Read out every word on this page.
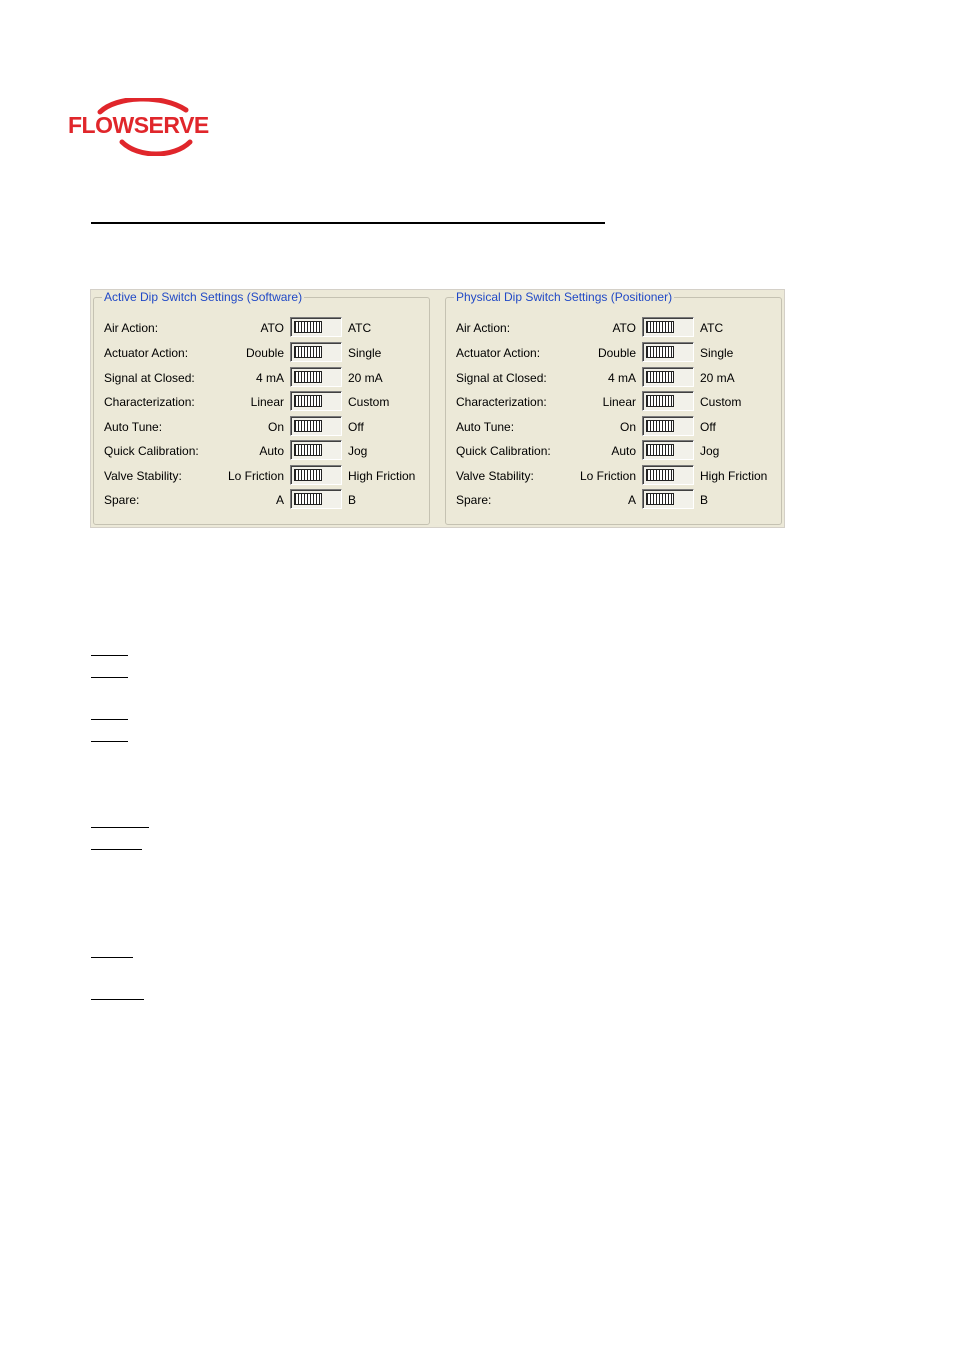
FLOWSERVE
Active Dip Switch Settings (Software)
Air Action:	ATO	ATC
Actuator Action:	Double	Single
Signal at Closed:	4 mA	20 mA
Characterization:	Linear	Custom
Auto Tune:	On	Off
Quick Calibration:	Auto	Jog
Valve Stability:	Lo Friction	High Friction
Spare:	A	B
Physical Dip Switch Settings (Positioner)
Air Action:	ATO	ATC
Actuator Action:	Double	Single
Signal at Closed:	4 mA	20 mA
Characterization:	Linear	Custom
Auto Tune:	On	Off
Quick Calibration:	Auto	Jog
Valve Stability:	Lo Friction	High Friction
Spare:	A	B
